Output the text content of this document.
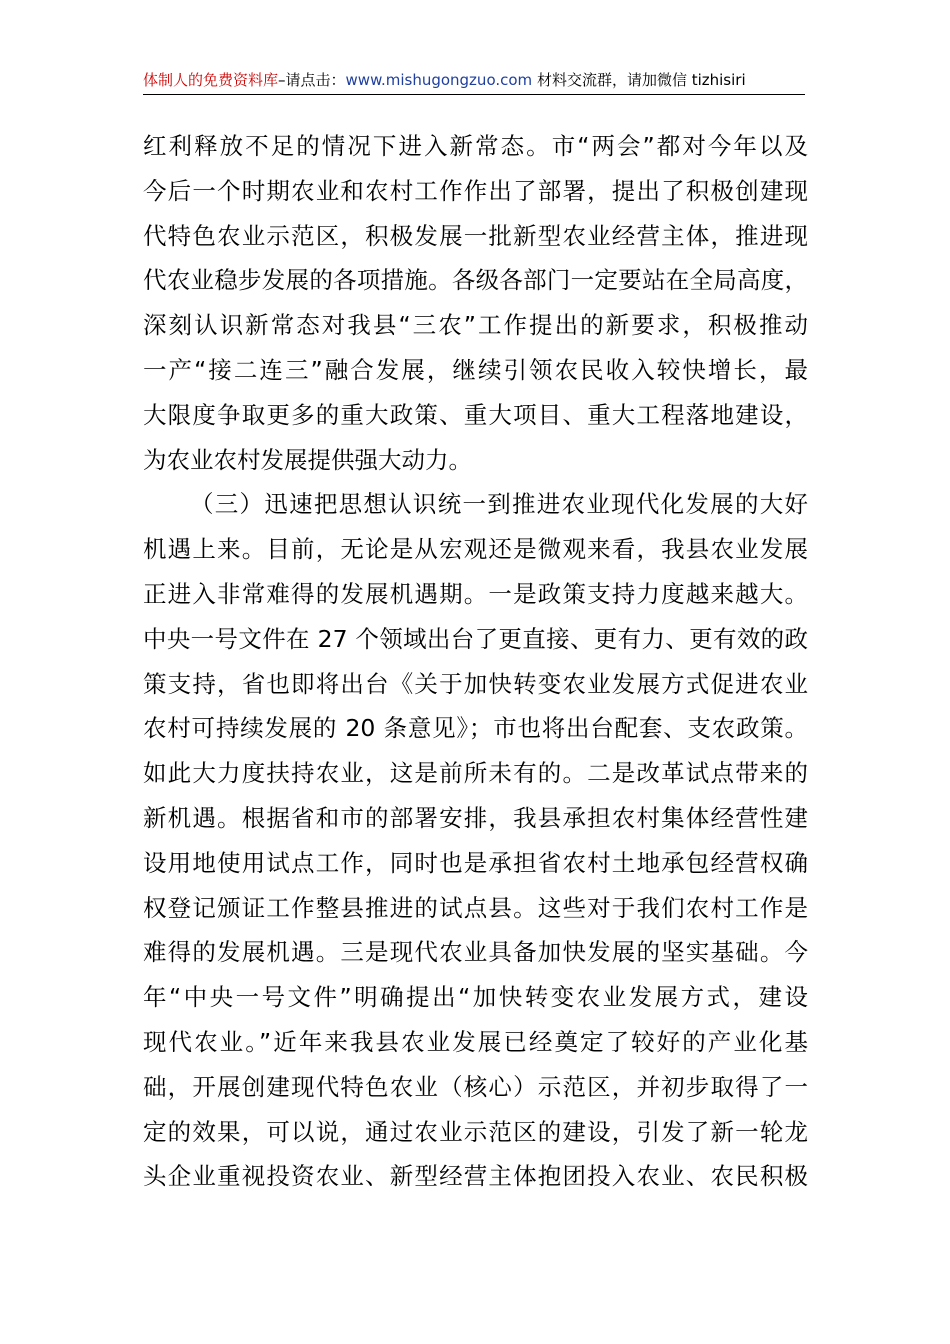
体制人的免费资料库–请点击：www.mishugongzuo.com 材料交流群，请加微信 tizhisiri
红利释放不足的情况下进入新常态。市“两会”都对今年以及
今后一个时期农业和农村工作作出了部署，提出了积极创建现
代特色农业示范区，积极发展一批新型农业经营主体，推进现
代农业稳步发展的各项措施。各级各部门一定要站在全局高度，
深刻认识新常态对我县“三农”工作提出的新要求，积极推动
一产“接二连三”融合发展，继续引领农民收入较快增长，最
大限度争取更多的重大政策、重大项目、重大工程落地建设，
为农业农村发展提供强大动力。
（三）迅速把思想认识统一到推进农业现代化发展的大好
机遇上来。目前，无论是从宏观还是微观来看，我县农业发展
正进入非常难得的发展机遇期。一是政策支持力度越来越大。
中央一号文件在 27 个领域出台了更直接、更有力、更有效的政
策支持，省也即将出台《关于加快转变农业发展方式促进农业
农村可持续发展的 20 条意见》；市也将出台配套、支农政策。
如此大力度扶持农业，这是前所未有的。二是改革试点带来的
新机遇。根据省和市的部署安排，我县承担农村集体经营性建
设用地使用试点工作，同时也是承担省农村土地承包经营权确
权登记颁证工作整县推进的试点县。这些对于我们农村工作是
难得的发展机遇。三是现代农业具备加快发展的坚实基础。今
年“中央一号文件”明确提出“加快转变农业发展方式，建设
现代农业。”近年来我县农业发展已经奠定了较好的产业化基
础，开展创建现代特色农业（核心）示范区，并初步取得了一
定的效果，可以说，通过农业示范区的建设，引发了新一轮龙
头企业重视投资农业、新型经营主体抱团投入农业、农民积极
